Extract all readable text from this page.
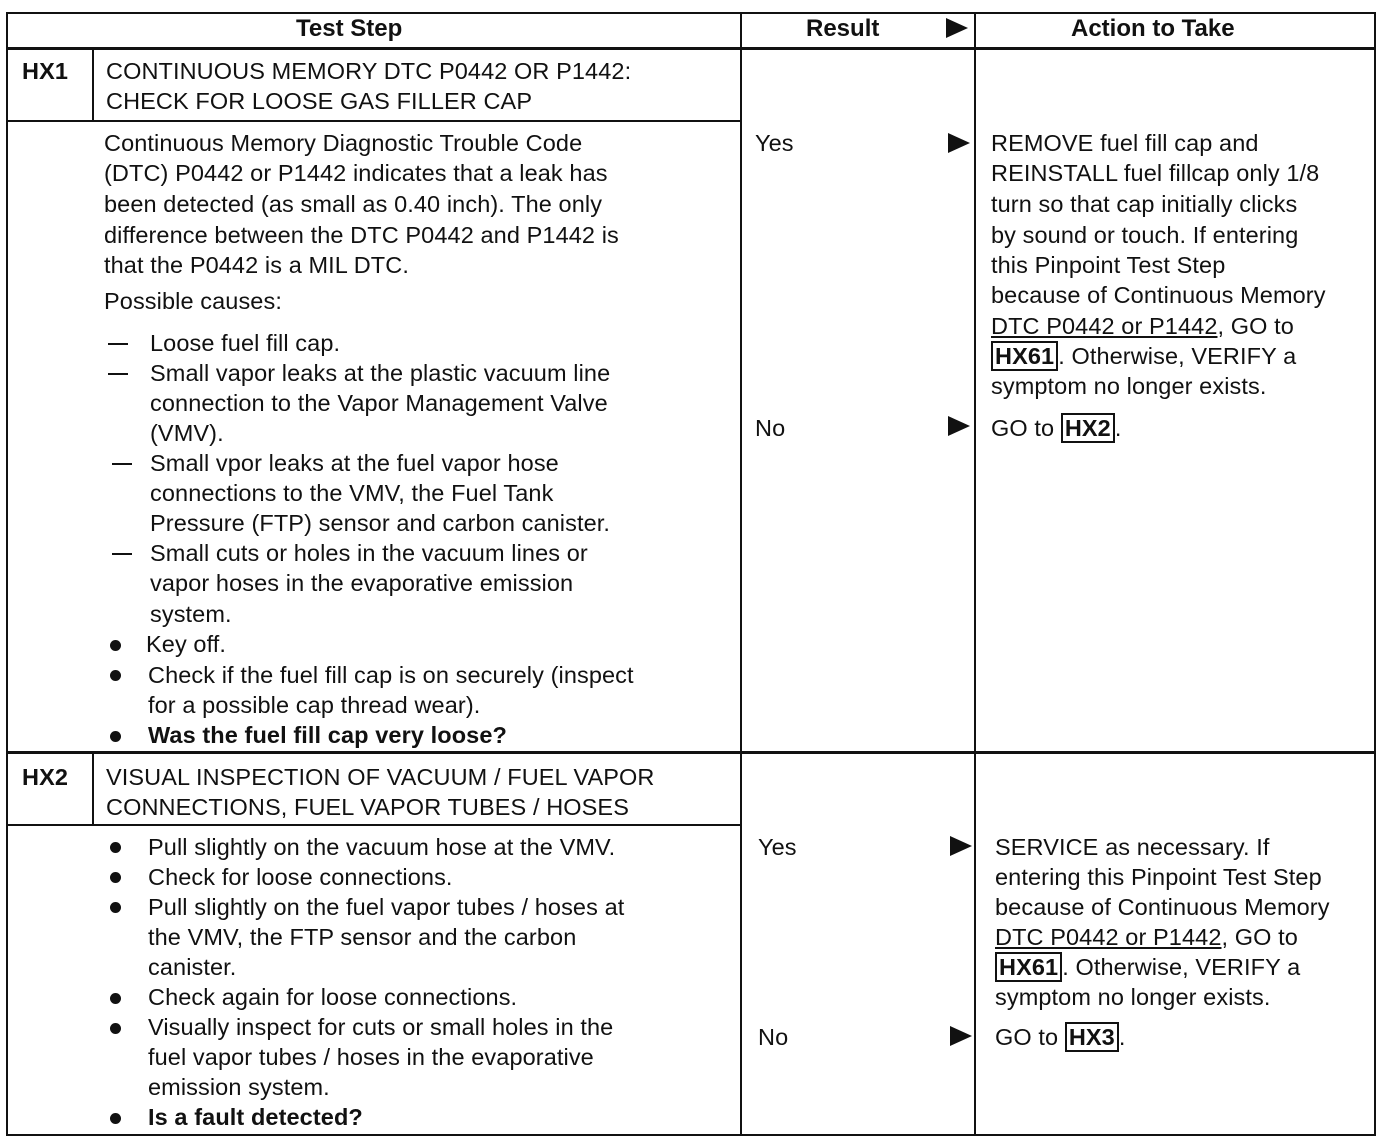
Test Step	Result	Action to Take
HX1 CONTINUOUS MEMORY DTC P0442 OR P1442:
CHECK FOR LOOSE GAS FILLER CAP
Continuous Memory Diagnostic Trouble Code
(DTC) P0442 or P1442 indicates that a leak has
been detected (as small as 0.40 inch). The only
difference between the DTC P0442 and P1442 is
that the P0442 is a MIL DTC.
Possible causes:
Loose fuel fill cap.
Small vapor leaks at the plastic vacuum line
connection to the Vapor Management Valve
(VMV).
Small vpor leaks at the fuel vapor hose
connections to the VMV, the Fuel Tank
Pressure (FTP) sensor and carbon canister.
Small cuts or holes in the vacuum lines or
vapor hoses in the evaporative emission
system.
Key off.
Check if the fuel fill cap is on securely (inspect
for a possible cap thread wear).
Was the fuel fill cap very loose?
Yes
No
REMOVE fuel fill cap and
REINSTALL fuel fillcap only 1/8
turn so that cap initially clicks
by sound or touch. If entering
this Pinpoint Test Step
because of Continuous Memory
DTC P0442 or P1442, GO to
HX61 . Otherwise, VERIFY a
symptom no longer exists.
GO to HX2 .
HX2 VISUAL INSPECTION OF VACUUM / FUEL VAPOR
CONNECTIONS, FUEL VAPOR TUBES / HOSES
Pull slightly on the vacuum hose at the VMV.
Check for loose connections.
Pull slightly on the fuel vapor tubes / hoses at
the VMV, the FTP sensor and the carbon
canister.
Check again for loose connections.
Visually inspect for cuts or small holes in the
fuel vapor tubes / hoses in the evaporative
emission system.
Is a fault detected?
Yes
No
SERVICE as necessary. If
entering this Pinpoint Test Step
because of Continuous Memory
DTC P0442 or P1442, GO to
HX61 . Otherwise, VERIFY a
symptom no longer exists.
GO to HX3 .
